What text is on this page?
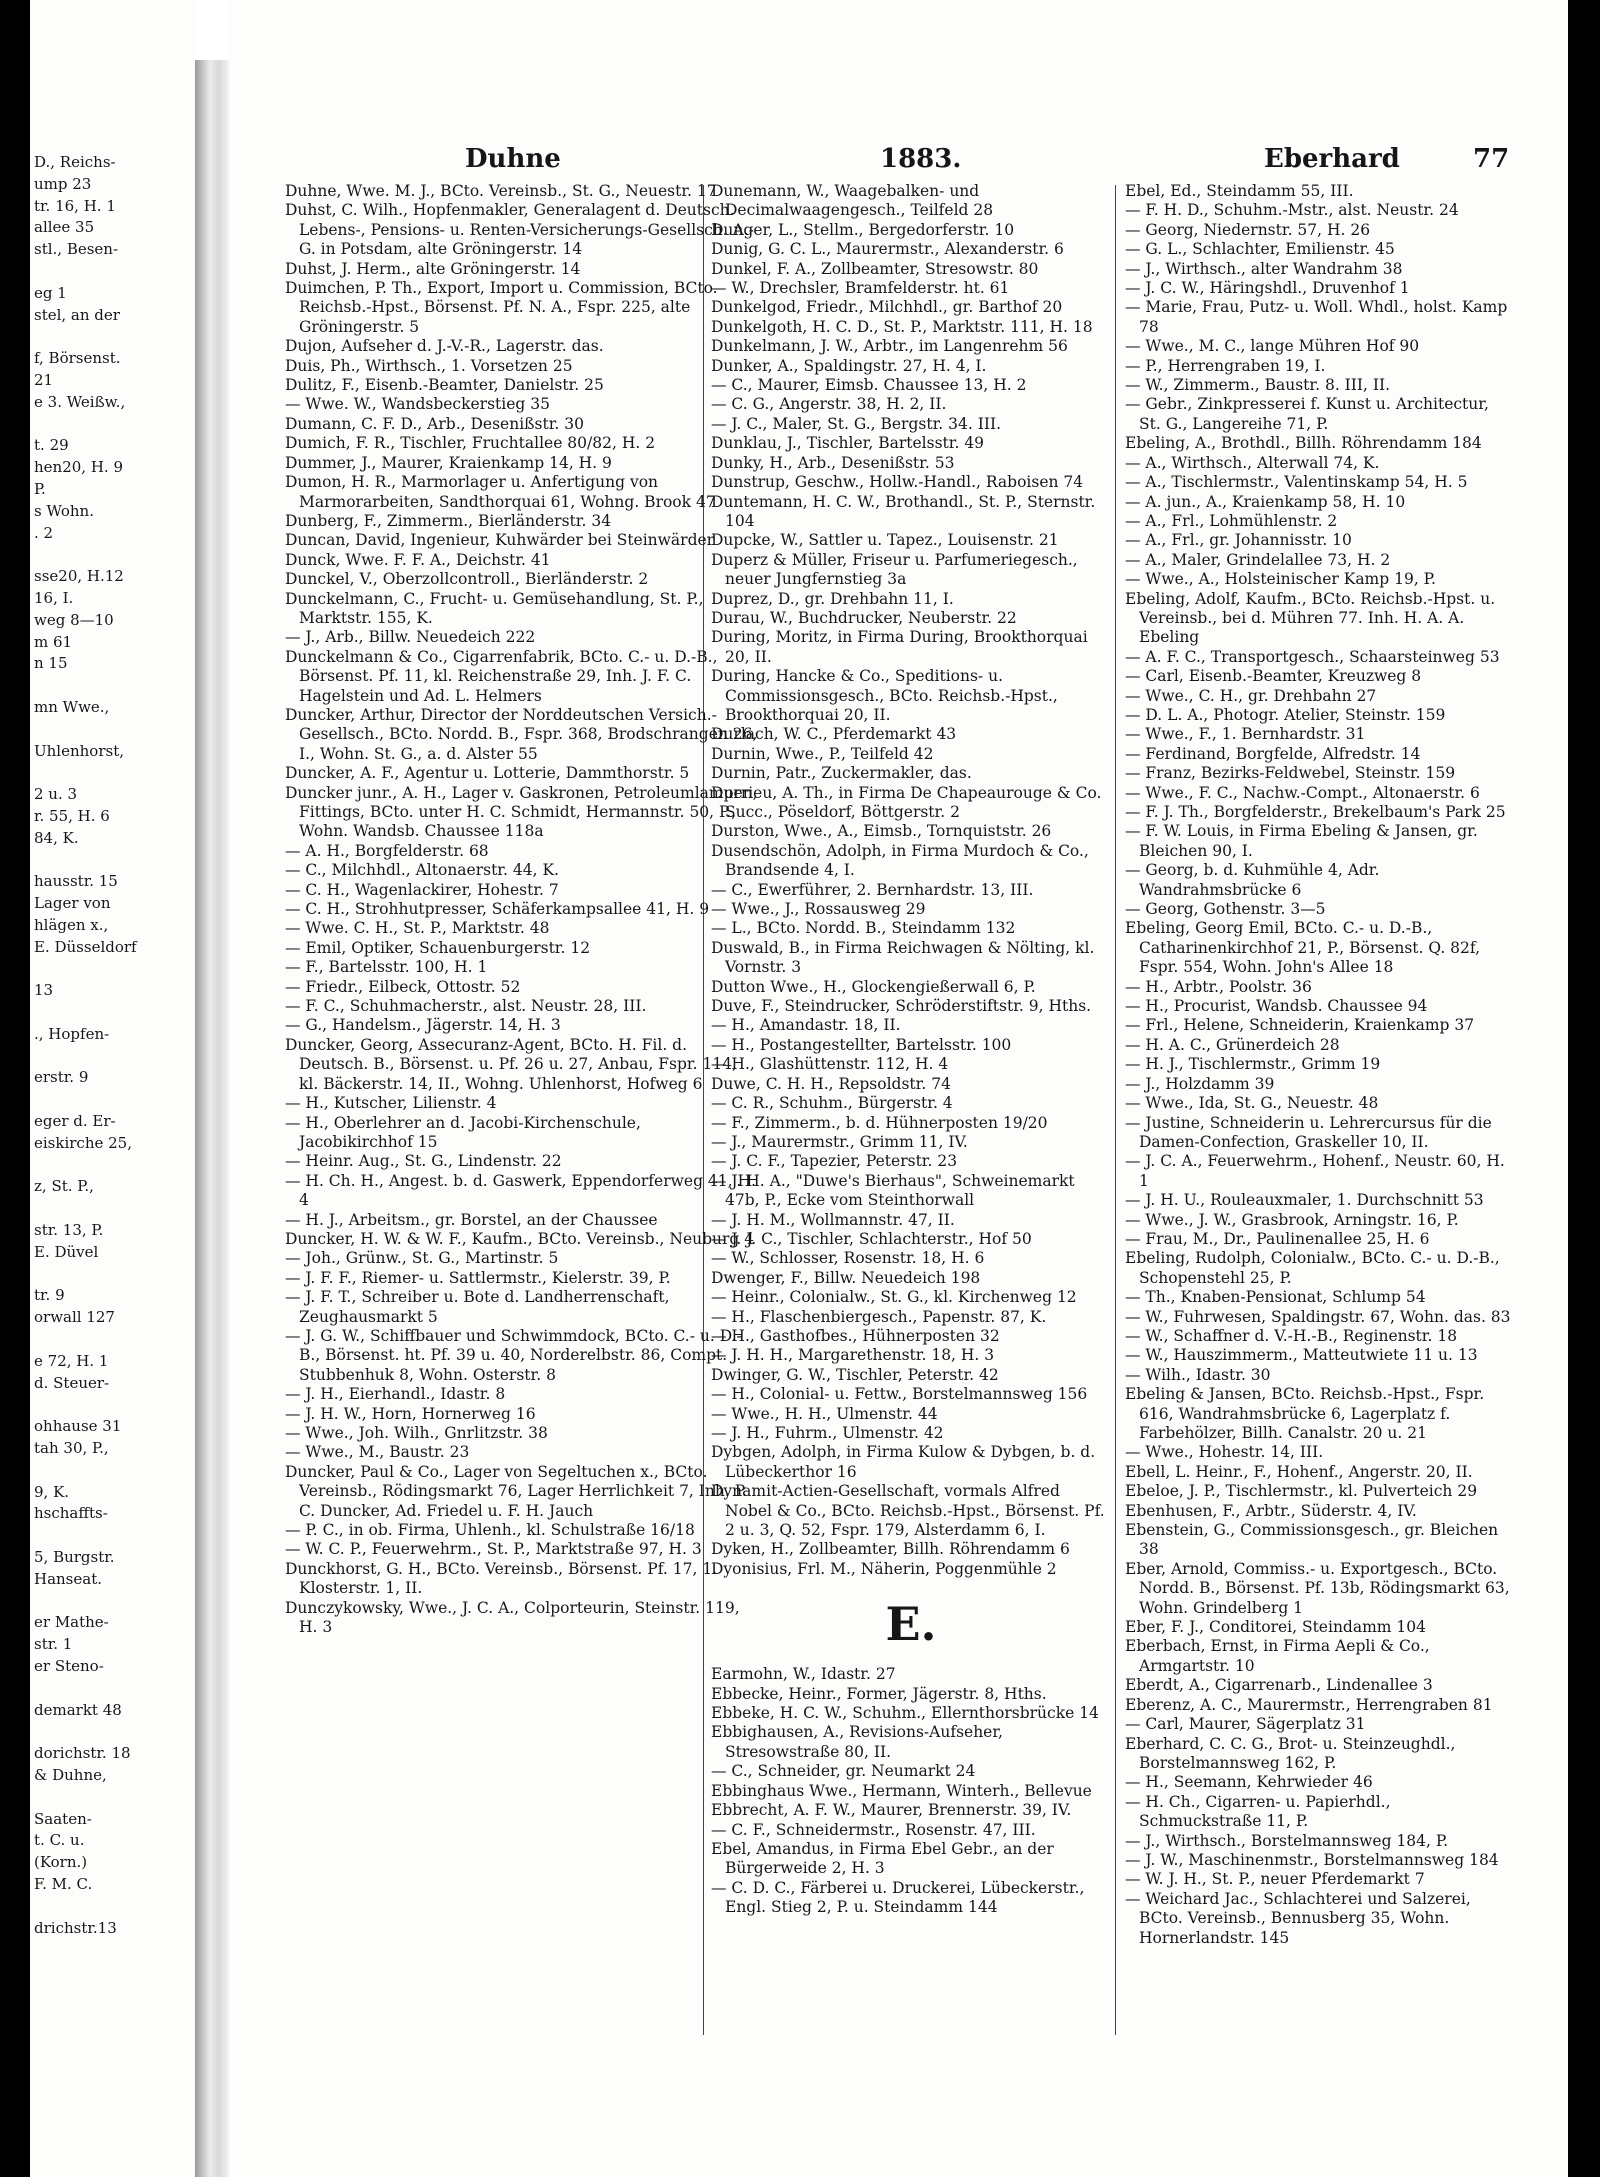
D., Reichs-
ump 23
tr. 16, H. 1
allee 35
stl., Besen-
eg 1
stel, an der
f, Börsenst.
21
e 3. Weißw.,
t. 29
hen20, H. 9
P.
s Wohn.
. 2
sse20, H.12
16, I.
weg 8—10
m 61
n 15
mn Wwe.,
Uhlenhorst,
2 u. 3
r. 55, H. 6
84, K.
hausstr. 15
Lager von
hlägen x.,
E. Düsseldorf
13
., Hopfen-
erstr. 9
eger d. Er-
eiskirche 25,
z, St. P.,
str. 13, P.
E. Düvel
tr. 9
orwall 127
e 72, H. 1
d. Steuer-
ohhause 31
tah 30, P.,
9, K.
hschaffts-
5, Burgstr.
Hanseat.
er Mathe-
str. 1
er Steno-
demarkt 48
dorichstr. 18
& Duhne,
Saaten-
t. C. u.
(Korn.)
F. M. C.
drichstr.13
Duhne	1883.	Eberhard	77
Duhne, Wwe. M. J., BCto. Vereinsb., St. G., Neuestr. 17
Duhst, C. Wilh., Hopfenmakler, Generalagent d. Deutsch. Lebens-, Pensions- u. Renten-Versicherungs-Gesellsch. A.-G. in Potsdam, alte Gröningerstr. 14
Duhst, J. Herm., alte Gröningerstr. 14
Duimchen, P. Th., Export, Import u. Commission, BCto. Reichsb.-Hpst., Börsenst. Pf. N. A., Fspr. 225, alte Gröningerstr. 5
Dujon, Aufseher d. J.-V.-R., Lagerstr. das.
Duis, Ph., Wirthsch., 1. Vorsetzen 25
Dulitz, F., Eisenb.-Beamter, Danielstr. 25
— Wwe. W., Wandsbeckerstieg 35
Dumann, C. F. D., Arb., Desenißstr. 30
Dumich, F. R., Tischler, Fruchtallee 80/82, H. 2
Dummer, J., Maurer, Kraienkamp 14, H. 9
Dumon, H. R., Marmorlager u. Anfertigung von Marmorarbeiten, Sandthorquai 61, Wohng. Brook 47
Dunberg, F., Zimmerm., Bierländerstr. 34
Duncan, David, Ingenieur, Kuhwärder bei Steinwärder
Dunck, Wwe. F. F. A., Deichstr. 41
Dunckel, V., Oberzollcontroll., Bierländerstr. 2
Dunckelmann, C., Frucht- u. Gemüsehandlung, St. P., Marktstr. 155, K.
— J., Arb., Billw. Neuedeich 222
Dunckelmann & Co., Cigarrenfabrik, BCto. C.- u. D.-B., Börsenst. Pf. 11, kl. Reichenstraße 29, Inh. J. F. C. Hagelstein und Ad. L. Helmers
Duncker, Arthur, Director der Norddeutschen Versich.-Gesellsch., BCto. Nordd. B., Fspr. 368, Brodschrangen 26, I., Wohn. St. G., a. d. Alster 55
Duncker, A. F., Agentur u. Lotterie, Dammthorstr. 5
Duncker junr., A. H., Lager v. Gaskronen, Petroleumlampen, Fittings, BCto. unter H. C. Schmidt, Hermannstr. 50, P., Wohn. Wandsb. Chaussee 118a
— A. H., Borgfelderstr. 68
— C., Milchhdl., Altonaerstr. 44, K.
— C. H., Wagenlackirer, Hohestr. 7
— C. H., Strohhutpresser, Schäferkampsallee 41, H. 9
— Wwe. C. H., St. P., Marktstr. 48
— Emil, Optiker, Schauenburgerstr. 12
— F., Bartelsstr. 100, H. 1
— Friedr., Eilbeck, Ottostr. 52
— F. C., Schuhmacherstr., alst. Neustr. 28, III.
— G., Handelsm., Jägerstr. 14, H. 3
Duncker, Georg, Assecuranz-Agent, BCto. H. Fil. d. Deutsch. B., Börsenst. u. Pf. 26 u. 27, Anbau, Fspr. 114, kl. Bäckerstr. 14, II., Wohng. Uhlenhorst, Hofweg 6
— H., Kutscher, Lilienstr. 4
— H., Oberlehrer an d. Jacobi-Kirchenschule, Jacobikirchhof 15
— Heinr. Aug., St. G., Lindenstr. 22
— H. Ch. H., Angest. b. d. Gaswerk, Eppendorferweg 41, H. 4
— H. J., Arbeitsm., gr. Borstel, an der Chaussee
Duncker, H. W. & W. F., Kaufm., BCto. Vereinsb., Neuburg 4
— Joh., Grünw., St. G., Martinstr. 5
— J. F. F., Riemer- u. Sattlermstr., Kielerstr. 39, P.
— J. F. T., Schreiber u. Bote d. Landherrenschaft, Zeughausmarkt 5
— J. G. W., Schiffbauer und Schwimmdock, BCto. C.- u. D.-B., Börsenst. ht. Pf. 39 u. 40, Norderelbstr. 86, Compt. Stubbenhuk 8, Wohn. Osterstr. 8
— J. H., Eierhandl., Idastr. 8
— J. H. W., Horn, Hornerweg 16
— Wwe., Joh. Wilh., Gnrlitzstr. 38
— Wwe., M., Baustr. 23
Duncker, Paul & Co., Lager von Segeltuchen x., BCto. Vereinsb., Rödingsmarkt 76, Lager Herrlichkeit 7, Inh. P. C. Duncker, Ad. Friedel u. F. H. Jauch
— P. C., in ob. Firma, Uhlenh., kl. Schulstraße 16/18
— W. C. P., Feuerwehrm., St. P., Marktstraße 97, H. 3
Dunckhorst, G. H., BCto. Vereinsb., Börsenst. Pf. 17, 1. Klosterstr. 1, II.
Dunczykowsky, Wwe., J. C. A., Colporteurin, Steinstr. 119, H. 3
Dunemann, W., Waagebalken- und Decimalwaagengesch., Teilfeld 28
Dunger, L., Stellm., Bergedorferstr. 10
Dunig, G. C. L., Maurermstr., Alexanderstr. 6
Dunkel, F. A., Zollbeamter, Stresowstr. 80
— W., Drechsler, Bramfelderstr. ht. 61
Dunkelgod, Friedr., Milchhdl., gr. Barthof 20
Dunkelgoth, H. C. D., St. P., Marktstr. 111, H. 18
Dunkelmann, J. W., Arbtr., im Langenrehm 56
Dunker, A., Spaldingstr. 27, H. 4, I.
— C., Maurer, Eimsb. Chaussee 13, H. 2
— C. G., Angerstr. 38, H. 2, II.
— J. C., Maler, St. G., Bergstr. 34. III.
Dunklau, J., Tischler, Bartelsstr. 49
Dunky, H., Arb., Desenißstr. 53
Dunstrup, Geschw., Hollw.-Handl., Raboisen 74
Duntemann, H. C. W., Brothandl., St. P., Sternstr. 104
Dupcke, W., Sattler u. Tapez., Louisenstr. 21
Duperz & Müller, Friseur u. Parfumeriegesch., neuer Jungfernstieg 3a
Duprez, D., gr. Drehbahn 11, I.
Durau, W., Buchdrucker, Neuberstr. 22
During, Moritz, in Firma During, Brookthorquai 20, II.
During, Hancke & Co., Speditions- u. Commissionsgesch., BCto. Reichsb.-Hpst., Brookthorquai 20, II.
Durlach, W. C., Pferdemarkt 43
Durnin, Wwe., P., Teilfeld 42
Durnin, Patr., Zuckermakler, das.
Durrieu, A. Th., in Firma De Chapeaurouge & Co. Succ., Pöseldorf, Böttgerstr. 2
Durston, Wwe., A., Eimsb., Tornquiststr. 26
Dusendschön, Adolph, in Firma Murdoch & Co., Brandsende 4, I.
— C., Ewerführer, 2. Bernhardstr. 13, III.
— Wwe., J., Rossausweg 29
— L., BCto. Nordd. B., Steindamm 132
Duswald, B., in Firma Reichwagen & Nölting, kl. Vornstr. 3
Dutton Wwe., H., Glockengießerwall 6, P.
Duve, F., Steindrucker, Schröderstiftstr. 9, Hths.
— H., Amandastr. 18, II.
— H., Postangestellter, Bartelsstr. 100
— H., Glashüttenstr. 112, H. 4
Duwe, C. H. H., Repsoldstr. 74
— C. R., Schuhm., Bürgerstr. 4
— F., Zimmerm., b. d. Hühnerposten 19/20
— J., Maurermstr., Grimm 11, IV.
— J. C. F., Tapezier, Peterstr. 23
— J. H. A., "Duwe's Bierhaus", Schweinemarkt 47b, P., Ecke vom Steinthorwall
— J. H. M., Wollmannstr. 47, II.
— J. J. C., Tischler, Schlachterstr., Hof 50
— W., Schlosser, Rosenstr. 18, H. 6
Dwenger, F., Billw. Neuedeich 198
— Heinr., Colonialw., St. G., kl. Kirchenweg 12
— H., Flaschenbiergesch., Papenstr. 87, K.
— H., Gasthofbes., Hühnerposten 32
— J. H. H., Margarethenstr. 18, H. 3
Dwinger, G. W., Tischler, Peterstr. 42
— H., Colonial- u. Fettw., Borstelmannsweg 156
— Wwe., H. H., Ulmenstr. 44
— J. H., Fuhrm., Ulmenstr. 42
Dybgen, Adolph, in Firma Kulow & Dybgen, b. d. Lübeckerthor 16
Dynamit-Actien-Gesellschaft, vormals Alfred Nobel & Co., BCto. Reichsb.-Hpst., Börsenst. Pf. 2 u. 3, Q. 52, Fspr. 179, Alsterdamm 6, I.
Dyken, H., Zollbeamter, Billh. Röhrendamm 6
Dyonisius, Frl. M., Näherin, Poggenmühle 2
E.
Earmohn, W., Idastr. 27
Ebbecke, Heinr., Former, Jägerstr. 8, Hths.
Ebbeke, H. C. W., Schuhm., Ellernthorsbrücke 14
Ebbighausen, A., Revisions-Aufseher, Stresowstraße 80, II.
— C., Schneider, gr. Neumarkt 24
Ebbinghaus Wwe., Hermann, Winterh., Bellevue
Ebbrecht, A. F. W., Maurer, Brennerstr. 39, IV.
— C. F., Schneidermstr., Rosenstr. 47, III.
Ebel, Amandus, in Firma Ebel Gebr., an der Bürgerweide 2, H. 3
— C. D. C., Färberei u. Druckerei, Lübeckerstr., Engl. Stieg 2, P. u. Steindamm 144
Ebel, Ed., Steindamm 55, III.
— F. H. D., Schuhm.-Mstr., alst. Neustr. 24
— Georg, Niedernstr. 57, H. 26
— G. L., Schlachter, Emilienstr. 45
— J., Wirthsch., alter Wandrahm 38
— J. C. W., Häringshdl., Druvenhof 1
— Marie, Frau, Putz- u. Woll. Whdl., holst. Kamp 78
— Wwe., M. C., lange Mühren Hof 90
— P., Herrengraben 19, I.
— W., Zimmerm., Baustr. 8. III, II.
— Gebr., Zinkpresserei f. Kunst u. Architectur, St. G., Langereihe 71, P.
Ebeling, A., Brothdl., Billh. Röhrendamm 184
— A., Wirthsch., Alterwall 74, K.
— A., Tischlermstr., Valentinskamp 54, H. 5
— A. jun., A., Kraienkamp 58, H. 10
— A., Frl., Lohmühlenstr. 2
— A., Frl., gr. Johannisstr. 10
— A., Maler, Grindelallee 73, H. 2
— Wwe., A., Holsteinischer Kamp 19, P.
Ebeling, Adolf, Kaufm., BCto. Reichsb.-Hpst. u. Vereinsb., bei d. Mühren 77. Inh. H. A. A. Ebeling
— A. F. C., Transportgesch., Schaarsteinweg 53
— Carl, Eisenb.-Beamter, Kreuzweg 8
— Wwe., C. H., gr. Drehbahn 27
— D. L. A., Photogr. Atelier, Steinstr. 159
— Wwe., F., 1. Bernhardstr. 31
— Ferdinand, Borgfelde, Alfredstr. 14
— Franz, Bezirks-Feldwebel, Steinstr. 159
— Wwe., F. C., Nachw.-Compt., Altonaerstr. 6
— F. J. Th., Borgfelderstr., Brekelbaum's Park 25
— F. W. Louis, in Firma Ebeling & Jansen, gr. Bleichen 90, I.
— Georg, b. d. Kuhmühle 4, Adr. Wandrahmsbrücke 6
— Georg, Gothenstr. 3—5
Ebeling, Georg Emil, BCto. C.- u. D.-B., Catharinenkirchhof 21, P., Börsenst. Q. 82f, Fspr. 554, Wohn. John's Allee 18
— H., Arbtr., Poolstr. 36
— H., Procurist, Wandsb. Chaussee 94
— Frl., Helene, Schneiderin, Kraienkamp 37
— H. A. C., Grünerdeich 28
— H. J., Tischlermstr., Grimm 19
— J., Holzdamm 39
— Wwe., Ida, St. G., Neuestr. 48
— Justine, Schneiderin u. Lehrercursus für die Damen-Confection, Graskeller 10, II.
— J. C. A., Feuerwehrm., Hohenf., Neustr. 60, H. 1
— J. H. U., Rouleauxmaler, 1. Durchschnitt 53
— Wwe., J. W., Grasbrook, Arningstr. 16, P.
— Frau, M., Dr., Paulinenallee 25, H. 6
Ebeling, Rudolph, Colonialw., BCto. C.- u. D.-B., Schopenstehl 25, P.
— Th., Knaben-Pensionat, Schlump 54
— W., Fuhrwesen, Spaldingstr. 67, Wohn. das. 83
— W., Schaffner d. V.-H.-B., Reginenstr. 18
— W., Hauszimmerm., Matteutwiete 11 u. 13
— Wilh., Idastr. 30
Ebeling & Jansen, BCto. Reichsb.-Hpst., Fspr. 616, Wandrahmsbrücke 6, Lagerplatz f. Farbehölzer, Billh. Canalstr. 20 u. 21
— Wwe., Hohestr. 14, III.
Ebell, L. Heinr., F., Hohenf., Angerstr. 20, II.
Ebeloe, J. P., Tischlermstr., kl. Pulverteich 29
Ebenhusen, F., Arbtr., Süderstr. 4, IV.
Ebenstein, G., Commissionsgesch., gr. Bleichen 38
Eber, Arnold, Commiss.- u. Exportgesch., BCto. Nordd. B., Börsenst. Pf. 13b, Rödingsmarkt 63, Wohn. Grindelberg 1
Eber, F. J., Conditorei, Steindamm 104
Eberbach, Ernst, in Firma Aepli & Co., Armgartstr. 10
Eberdt, A., Cigarrenarb., Lindenallee 3
Eberenz, A. C., Maurermstr., Herrengraben 81
— Carl, Maurer, Sägerplatz 31
Eberhard, C. C. G., Brot- u. Steinzeughdl., Borstelmannsweg 162, P.
— H., Seemann, Kehrwieder 46
— H. Ch., Cigarren- u. Papierhdl., Schmuckstraße 11, P.
— J., Wirthsch., Borstelmannsweg 184, P.
— J. W., Maschinenmstr., Borstelmannsweg 184
— W. J. H., St. P., neuer Pferdemarkt 7
— Weichard Jac., Schlachterei und Salzerei, BCto. Vereinsb., Bennusberg 35, Wohn. Hornerlandstr. 145
